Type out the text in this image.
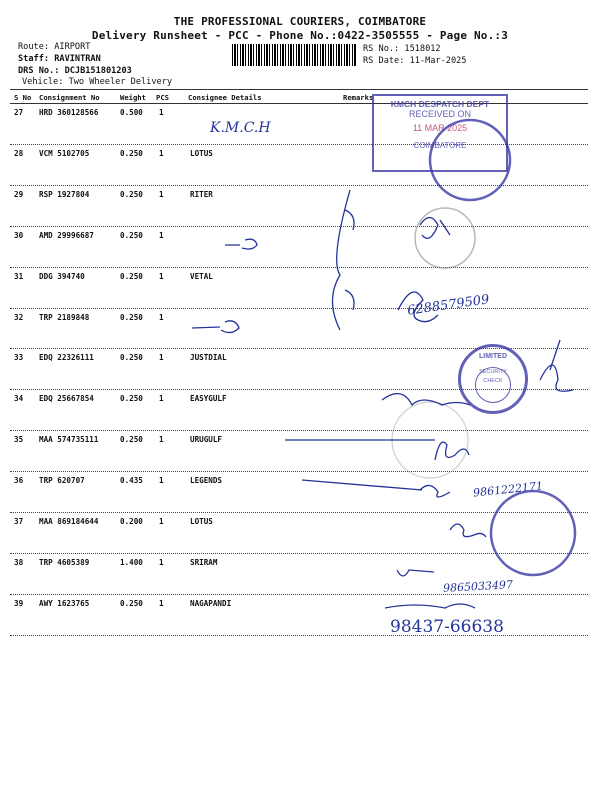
THE PROFESSIONAL COURIERS, COIMBATORE
Delivery Runsheet - PCC - Phone No.:0422-3505555 - Page No.:3
Route: AIRPORT
Staff: RAVINTRAN
DRS No.: DCJB151801203
Vehicle: Two Wheeler Delivery
RS No.: 1518012
RS Date: 11-Mar-2025
S No Consignment No	Weight PCS	Consignee Details	Remarks
27 HRD 360128566	0.500 1
28 VCM 5102705	0.250 1	LOTUS
29 RSP 1927804	0.250 1	RITER
30 AMD 29996687	0.250 1
31 DDG 394740	0.250 1	VETAL
32 TRP 2189848	0.250 1
33 EDQ 22326111	0.250 1	JUSTDIAL
34 EDQ 25667854	0.250 1	EASYGULF
35 MAA 574735111	0.250 1	URUGULF
36 TRP 620707	0.435 1	LEGENDS
37 MAA 869184644	0.200 1	LOTUS
38 TRP 4605389	1.400 1	SRIRAM
39 AWY 1623765	0.250 1	NAGAPANDI
K.M.C.H
6288579509
9861222171
9865033497
98437-66638
KMCH DESPATCH DEPT
RECEIVED ON
11 MAR 2025
COIMBATORE
LIMITED
SECURITY CHECK
